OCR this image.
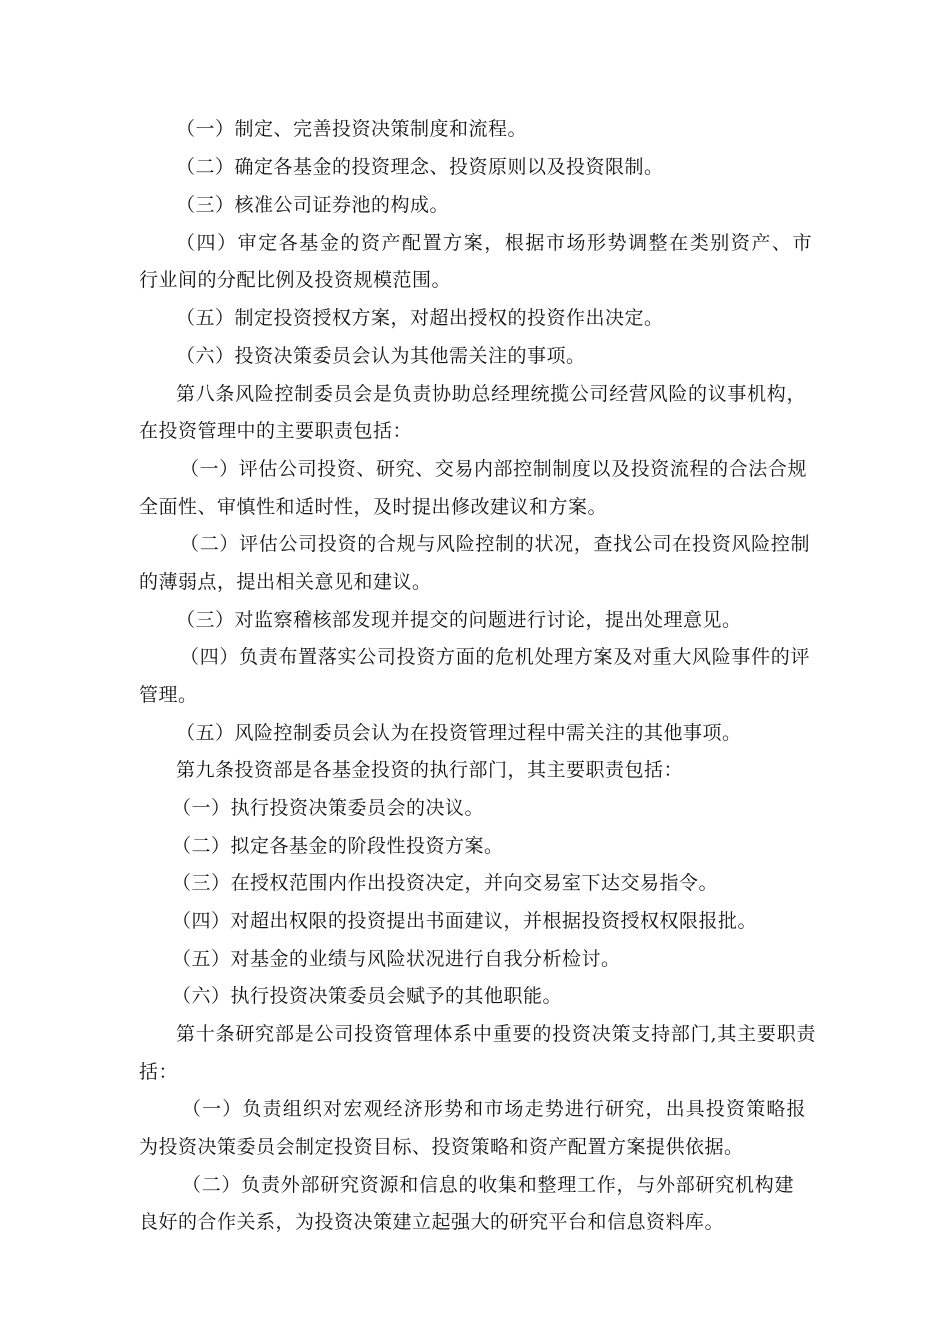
（一）制定、完善投资决策制度和流程。
（二）确定各基金的投资理念、投资原则以及投资限制。
（三）核准公司证券池的构成。
（四）审定各基金的资产配置方案，根据市场形势调整在类别资产、市
行业间的分配比例及投资规模范围。
（五）制定投资授权方案，对超出授权的投资作出决定。
（六）投资决策委员会认为其他需关注的事项。
第八条风险控制委员会是负责协助总经理统揽公司经营风险的议事机构，
在投资管理中的主要职责包括：
（一）评估公司投资、研究、交易内部控制制度以及投资流程的合法合规
全面性、审慎性和适时性，及时提出修改建议和方案。
（二）评估公司投资的合规与风险控制的状况，查找公司在投资风险控制
的薄弱点，提出相关意见和建议。
（三）对监察稽核部发现并提交的问题进行讨论，提出处理意见。
（四）负责布置落实公司投资方面的危机处理方案及对重大风险事件的评
管理。
（五）风险控制委员会认为在投资管理过程中需关注的其他事项。
第九条投资部是各基金投资的执行部门，其主要职责包括：
（一）执行投资决策委员会的决议。
（二）拟定各基金的阶段性投资方案。
（三）在授权范围内作出投资决定，并向交易室下达交易指令。
（四）对超出权限的投资提出书面建议，并根据投资授权权限报批。
（五）对基金的业绩与风险状况进行自我分析检讨。
（六）执行投资决策委员会赋予的其他职能。
第十条研究部是公司投资管理体系中重要的投资决策支持部门,其主要职责
括：
（一）负责组织对宏观经济形势和市场走势进行研究，出具投资策略报
为投资决策委员会制定投资目标、投资策略和资产配置方案提供依据。
（二）负责外部研究资源和信息的收集和整理工作，与外部研究机构建
良好的合作关系，为投资决策建立起强大的研究平台和信息资料库。
